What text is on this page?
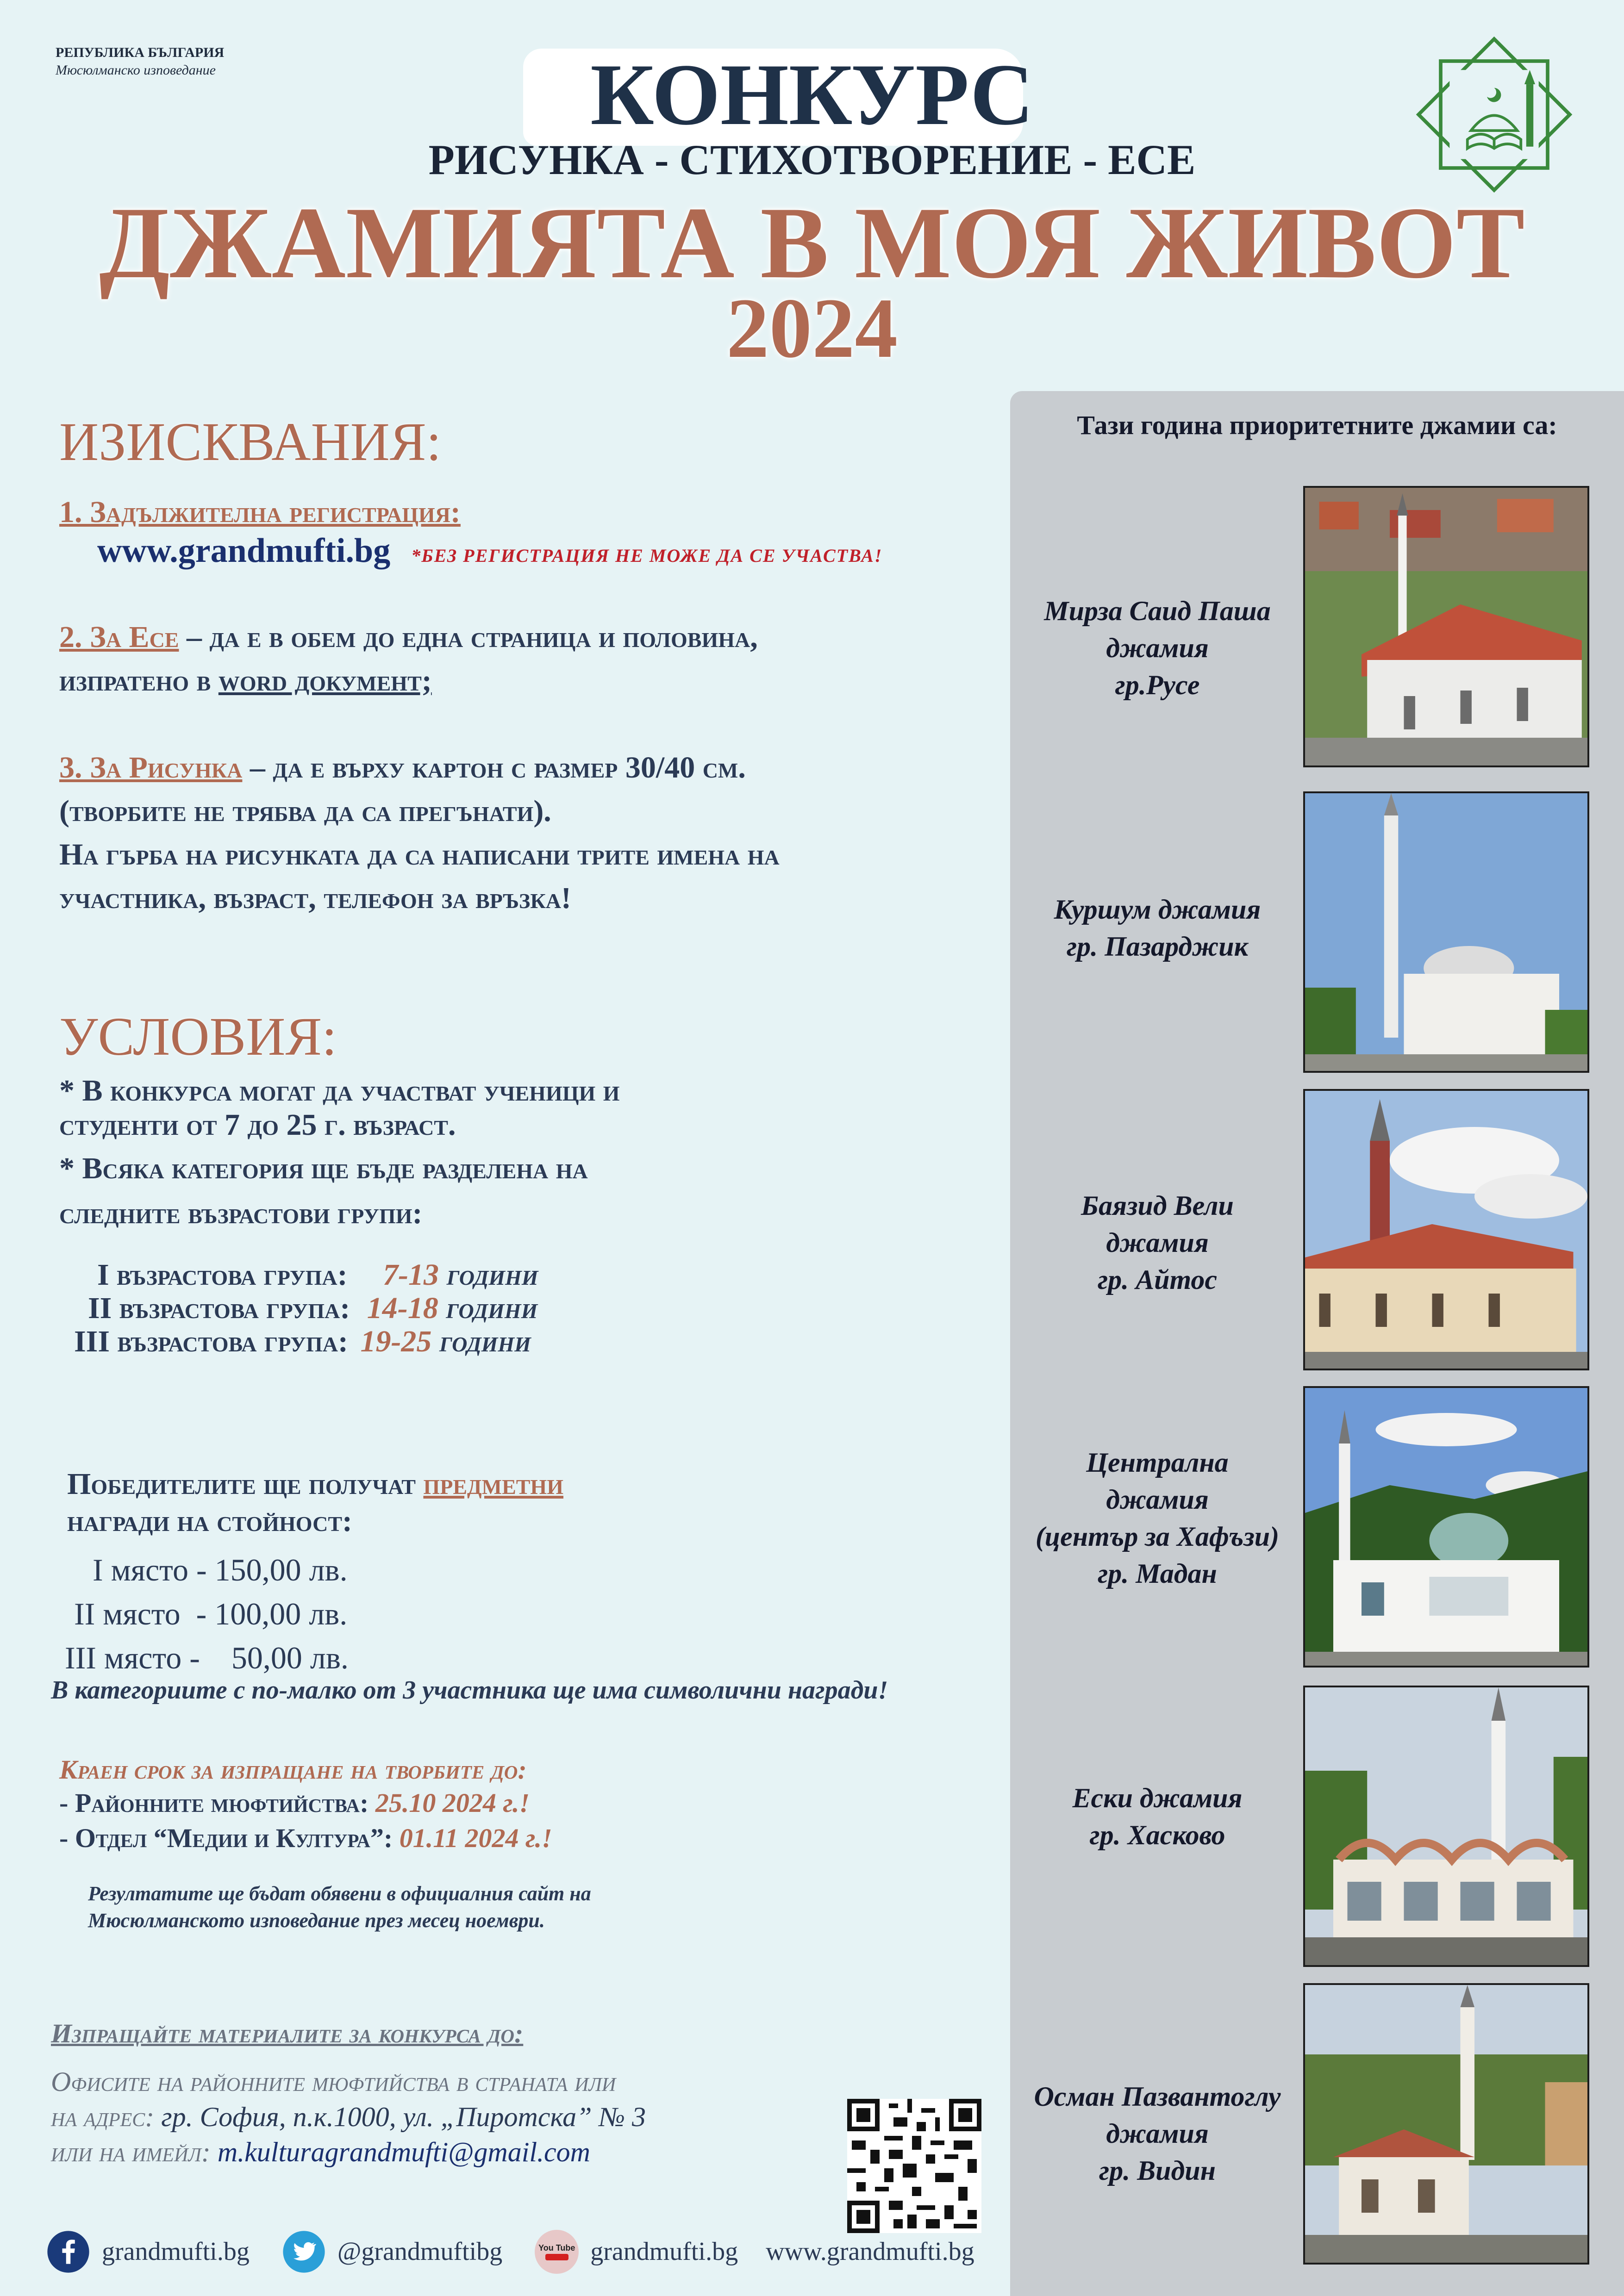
РЕПУБЛИКА БЪЛГАРИЯ
Мюсюлманско изповедание	КОНКУРС
РИСУНКА - СТИХОТВОРЕНИЕ - ЕСЕ
ДЖАМИЯТА В МОЯ ЖИВОТ
2024
ИЗИСКВАНИЯ:
1. Задължителна регистрация:
www.grandmufti.bg *БЕЗ РЕГИСТРАЦИЯ НЕ МОЖЕ ДА СЕ УЧАСТВА!
2. За Есе – да е в обем до една страница и половина,
изпратено в word документ;
3. За Рисунка – да е върху картон с размер 30/40 см.
(творбите не трябва да са прегънати).
На гърба на рисунката да са написани трите имена на
участника, възраст, телефон за връзка!
УСЛОВИЯ:
* В конкурса могат да участват ученици и
студенти от 7 до 25 г. възраст.
* Всяка категория ще бъде разделена на
следните възрастови групи:
I възрастова група: 7-13 години
II възрастова група: 14-18 години
III възрастова група: 19-25 години
Победителите ще получат предметни
награди на стойност:
I място - 150,00 лв.
II място  - 100,00 лв.
III място -    50,00 лв.
В категориите с по-малко от 3 участника ще има символични награди!
Краен срок за изпращане на творбите до:
- Районните мюфтийства: 25.10 2024 г.!
- Отдел “Медии и Култура”: 01.11 2024 г.!
Резултатите ще бъдат обявени в официалния сайт на
Мюсюлманското изповедание през месец ноември.
Изпращайте материалите за конкурса до:
Офисите на районните мюфтийства в страната или
на адрес: гр. София, п.к.1000, ул. „Пиротска” № 3
или на имейл: m.kulturagrandmufti@gmail.com
grandmufti.bg	@grandmuftibg	You Tube grandmufti.bg www.grandmufti.bg
Тази година приоритетните джамии са:
Мирза Саид Паша
джамия
гр.Русе
Куршум джамия
гр. Пазарджик
Баязид Вели
джамия
гр. Айтос
Централна
джамия
(център за Хафъзи)
гр. Мадан
Ески джамия
гр. Хасково
Осман Пазвантоглу
джамия
гр. Видин
